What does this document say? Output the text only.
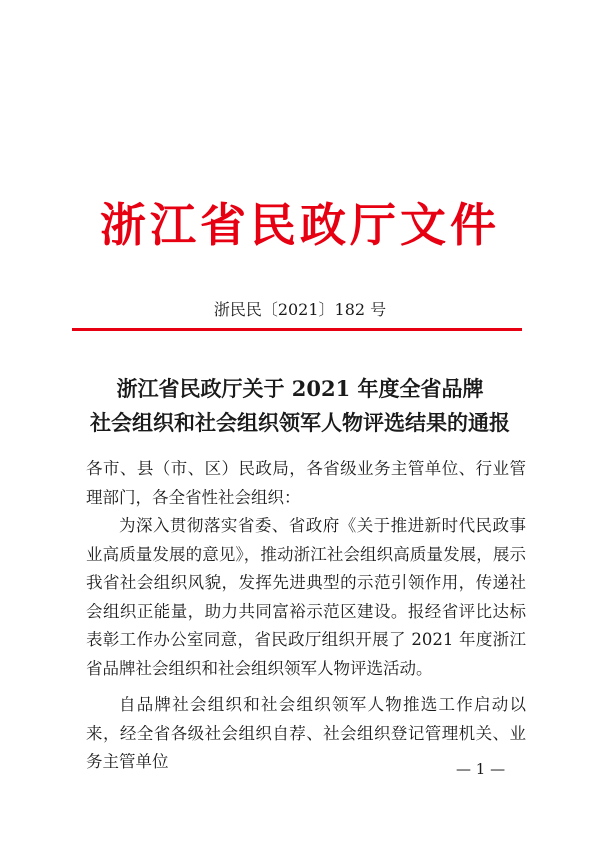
浙江省民政厅文件
浙民民〔2021〕182 号
浙江省民政厅关于 2021 年度全省品牌
社会组织和社会组织领军人物评选结果的通报

各市、县（市、区）民政局，各省级业务主管单位、行业管理部门，各全省性社会组织：

为深入贯彻落实省委、省政府《关于推进新时代民政事业高质量发展的意见》，推动浙江社会组织高质量发展，展示我省社会组织风貌，发挥先进典型的示范引领作用，传递社会组织正能量，助力共同富裕示范区建设。报经省评比达标表彰工作办公室同意，省民政厅组织开展了 2021 年度浙江省品牌社会组织和社会组织领军人物评选活动。

自品牌社会组织和社会组织领军人物推选工作启动以来，经全省各级社会组织自荐、社会组织登记管理机关、业务主管单位	— 1 —
